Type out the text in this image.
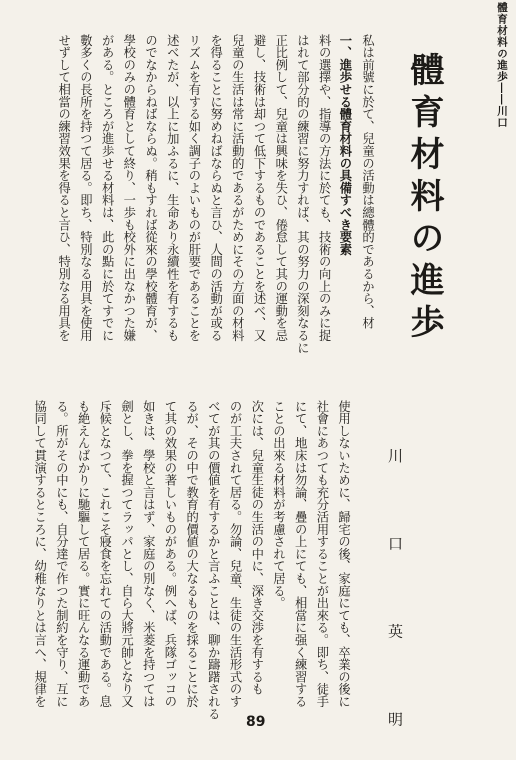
體育材料の進歩――川口

私は前號に於て、兒童の活動は總體的であるから、材

一、進歩せる體育材料の具備すべき要素

料の選擇や、指導の方法に於ても、技術の向上のみに捉

はれて部分的の練習に努力すれば、其の努力の深刻なるに

正比例して、兒童は興味を失ひ、倦怠して其の運動を忌

避し、技術は却つて低下するものであることを述べ、又

兒童の生活は常に活動的であるがためにその方面の材料

を得ることに努めねばならぬと言ひ、人間の活動が或る

リズムを有する如く調子のよいものが肝要であることを

述べたが、以上に加ふるに、生命あり永續性を有するも

のでなからねばならぬ。稍もすれば從來の學校體育が、

學校のみの體育として終り、一歩も校外に出なかつた嫌

がある。ところが進歩せる材料は、此の點に於てすでに

數多くの長所を持つて居る。即ち、特別なる用具を使用

せずして相當の練習效果を得ると言ひ、特別なる用具を	體育材料の進歩

使用しないために、歸宅の後、家庭にても、卒業の後に

社會にあつても充分活用することが出來る。即ち、徒手

にて、地床は勿論、疊の上にても、相當に强く練習する

ことの出來る材料が考慮されて居る。

次には、兒童生徒の生活の中に、深き交渉を有するも

のが工夫されて居る。勿論、兒童、生徒の生活形式のす

べてが其の價値を有するかと言ふことは、聊か躊躇される

るが、その中で教育的價値の大なるものを採ることに於

て其の效果の著しいものがある。例へば、兵隊ゴッコの

如きは、學校と言はず、家庭の別なく、米菱を持つては

劍とし、拳を握つてラッパとし、自ら大將元帥となり又

斥候となつて、これこそ寢食を忘れての活動である。息

も絶えんばかりに馳驅して居る。實に旺んなる運動であ

る。所がその中にも、自分達で作つた制約を守り、互に

協同して貫演するところに、幼稚なりとは言へ、規律を	川 口 英 明
89
